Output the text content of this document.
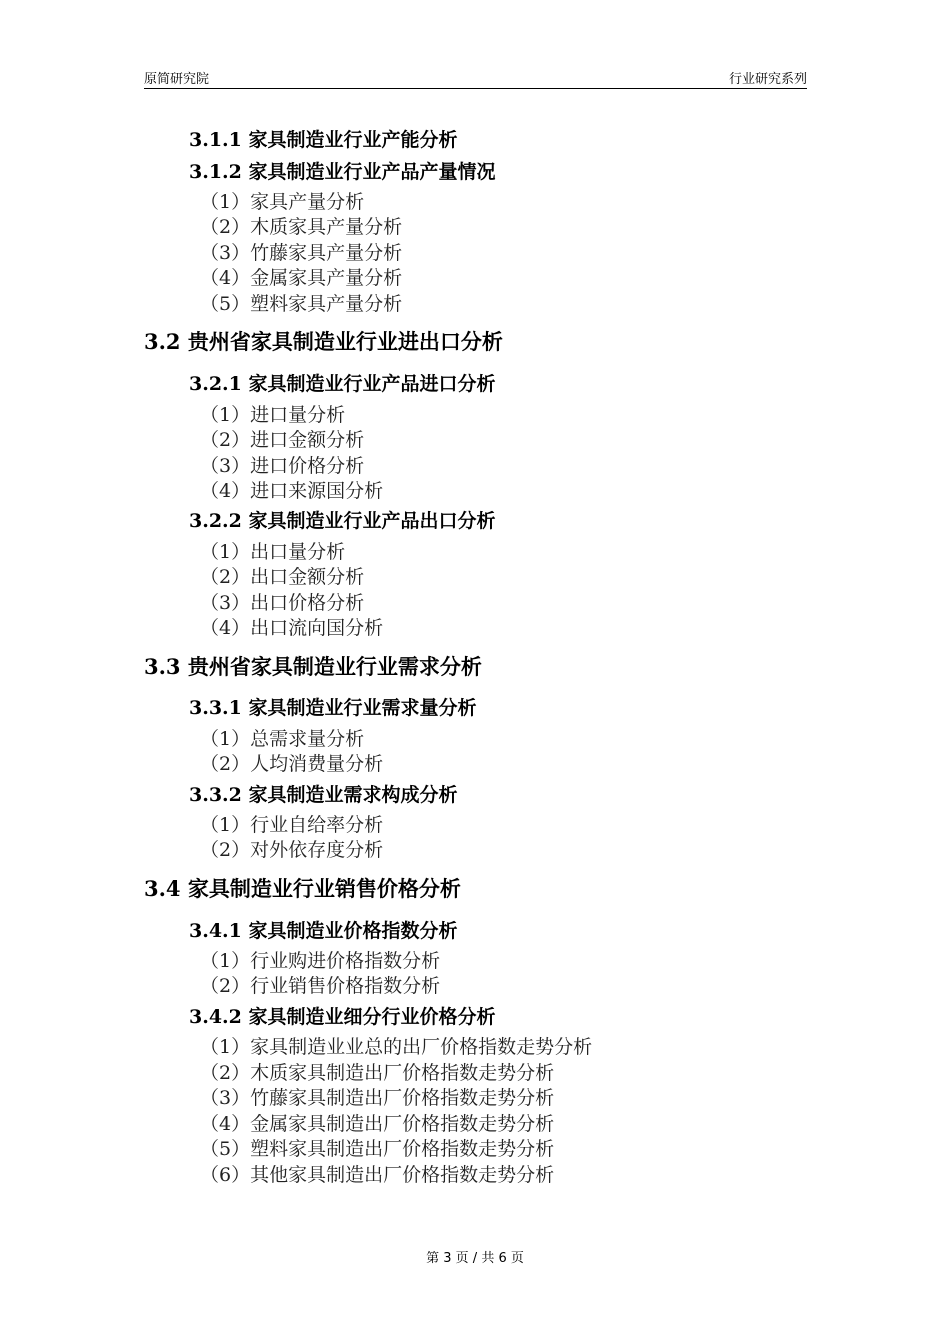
原简研究院	行业研究系列
3.1.1 家具制造业行业产能分析
3.1.2 家具制造业行业产品产量情况
（1）家具产量分析
（2）木质家具产量分析
（3）竹藤家具产量分析
（4）金属家具产量分析
（5）塑料家具产量分析
3.2 贵州省家具制造业行业进出口分析
3.2.1 家具制造业行业产品进口分析
（1）进口量分析
（2）进口金额分析
（3）进口价格分析
（4）进口来源国分析
3.2.2 家具制造业行业产品出口分析
（1）出口量分析
（2）出口金额分析
（3）出口价格分析
（4）出口流向国分析
3.3 贵州省家具制造业行业需求分析
3.3.1 家具制造业行业需求量分析
（1）总需求量分析
（2）人均消费量分析
3.3.2 家具制造业需求构成分析
（1）行业自给率分析
（2）对外依存度分析
3.4 家具制造业行业销售价格分析
3.4.1 家具制造业价格指数分析
（1）行业购进价格指数分析
（2）行业销售价格指数分析
3.4.2 家具制造业细分行业价格分析
（1）家具制造业业总的出厂价格指数走势分析
（2）木质家具制造出厂价格指数走势分析
（3）竹藤家具制造出厂价格指数走势分析
（4）金属家具制造出厂价格指数走势分析
（5）塑料家具制造出厂价格指数走势分析
（6）其他家具制造出厂价格指数走势分析
第 3 页 / 共 6 页
